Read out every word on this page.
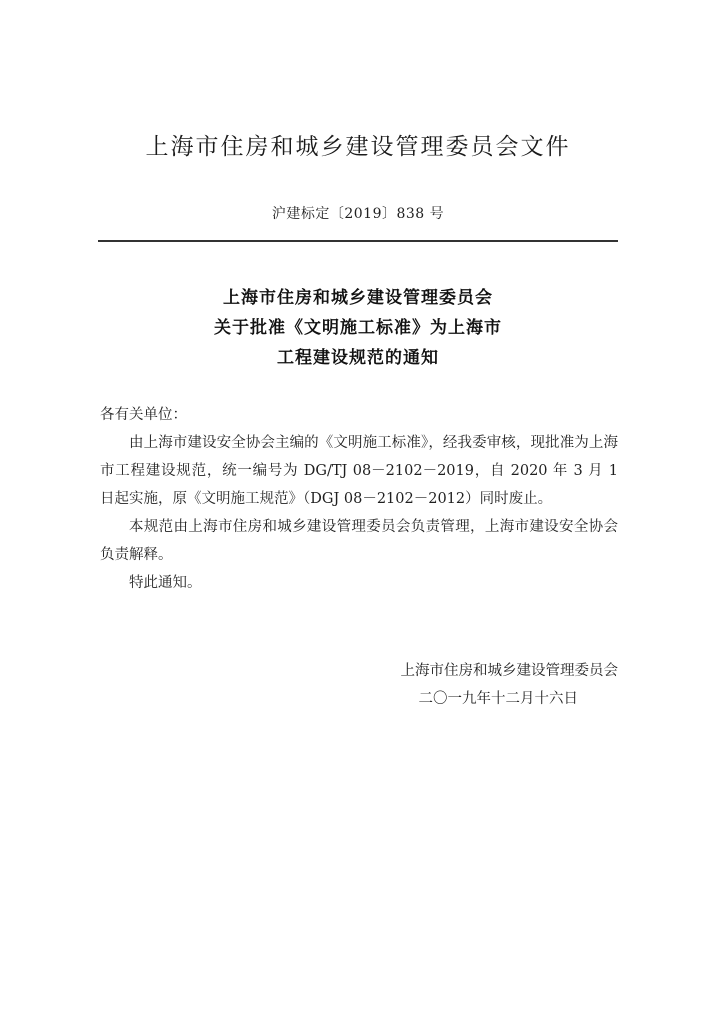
上海市住房和城乡建设管理委员会文件
沪建标定〔2019〕838 号
上海市住房和城乡建设管理委员会
关于批准《文明施工标准》为上海市
工程建设规范的通知

各有关单位：

由上海市建设安全协会主编的《文明施工标准》，经我委审核，现批准为上海市工程建设规范，统一编号为 DG/TJ 08－2102－2019，自 2020 年 3 月 1 日起实施，原《文明施工规范》（DGJ 08－2102－2012）同时废止。

本规范由上海市住房和城乡建设管理委员会负责管理，上海市建设安全协会负责解释。

特此通知。

上海市住房和城乡建设管理委员会
二〇一九年十二月十六日
